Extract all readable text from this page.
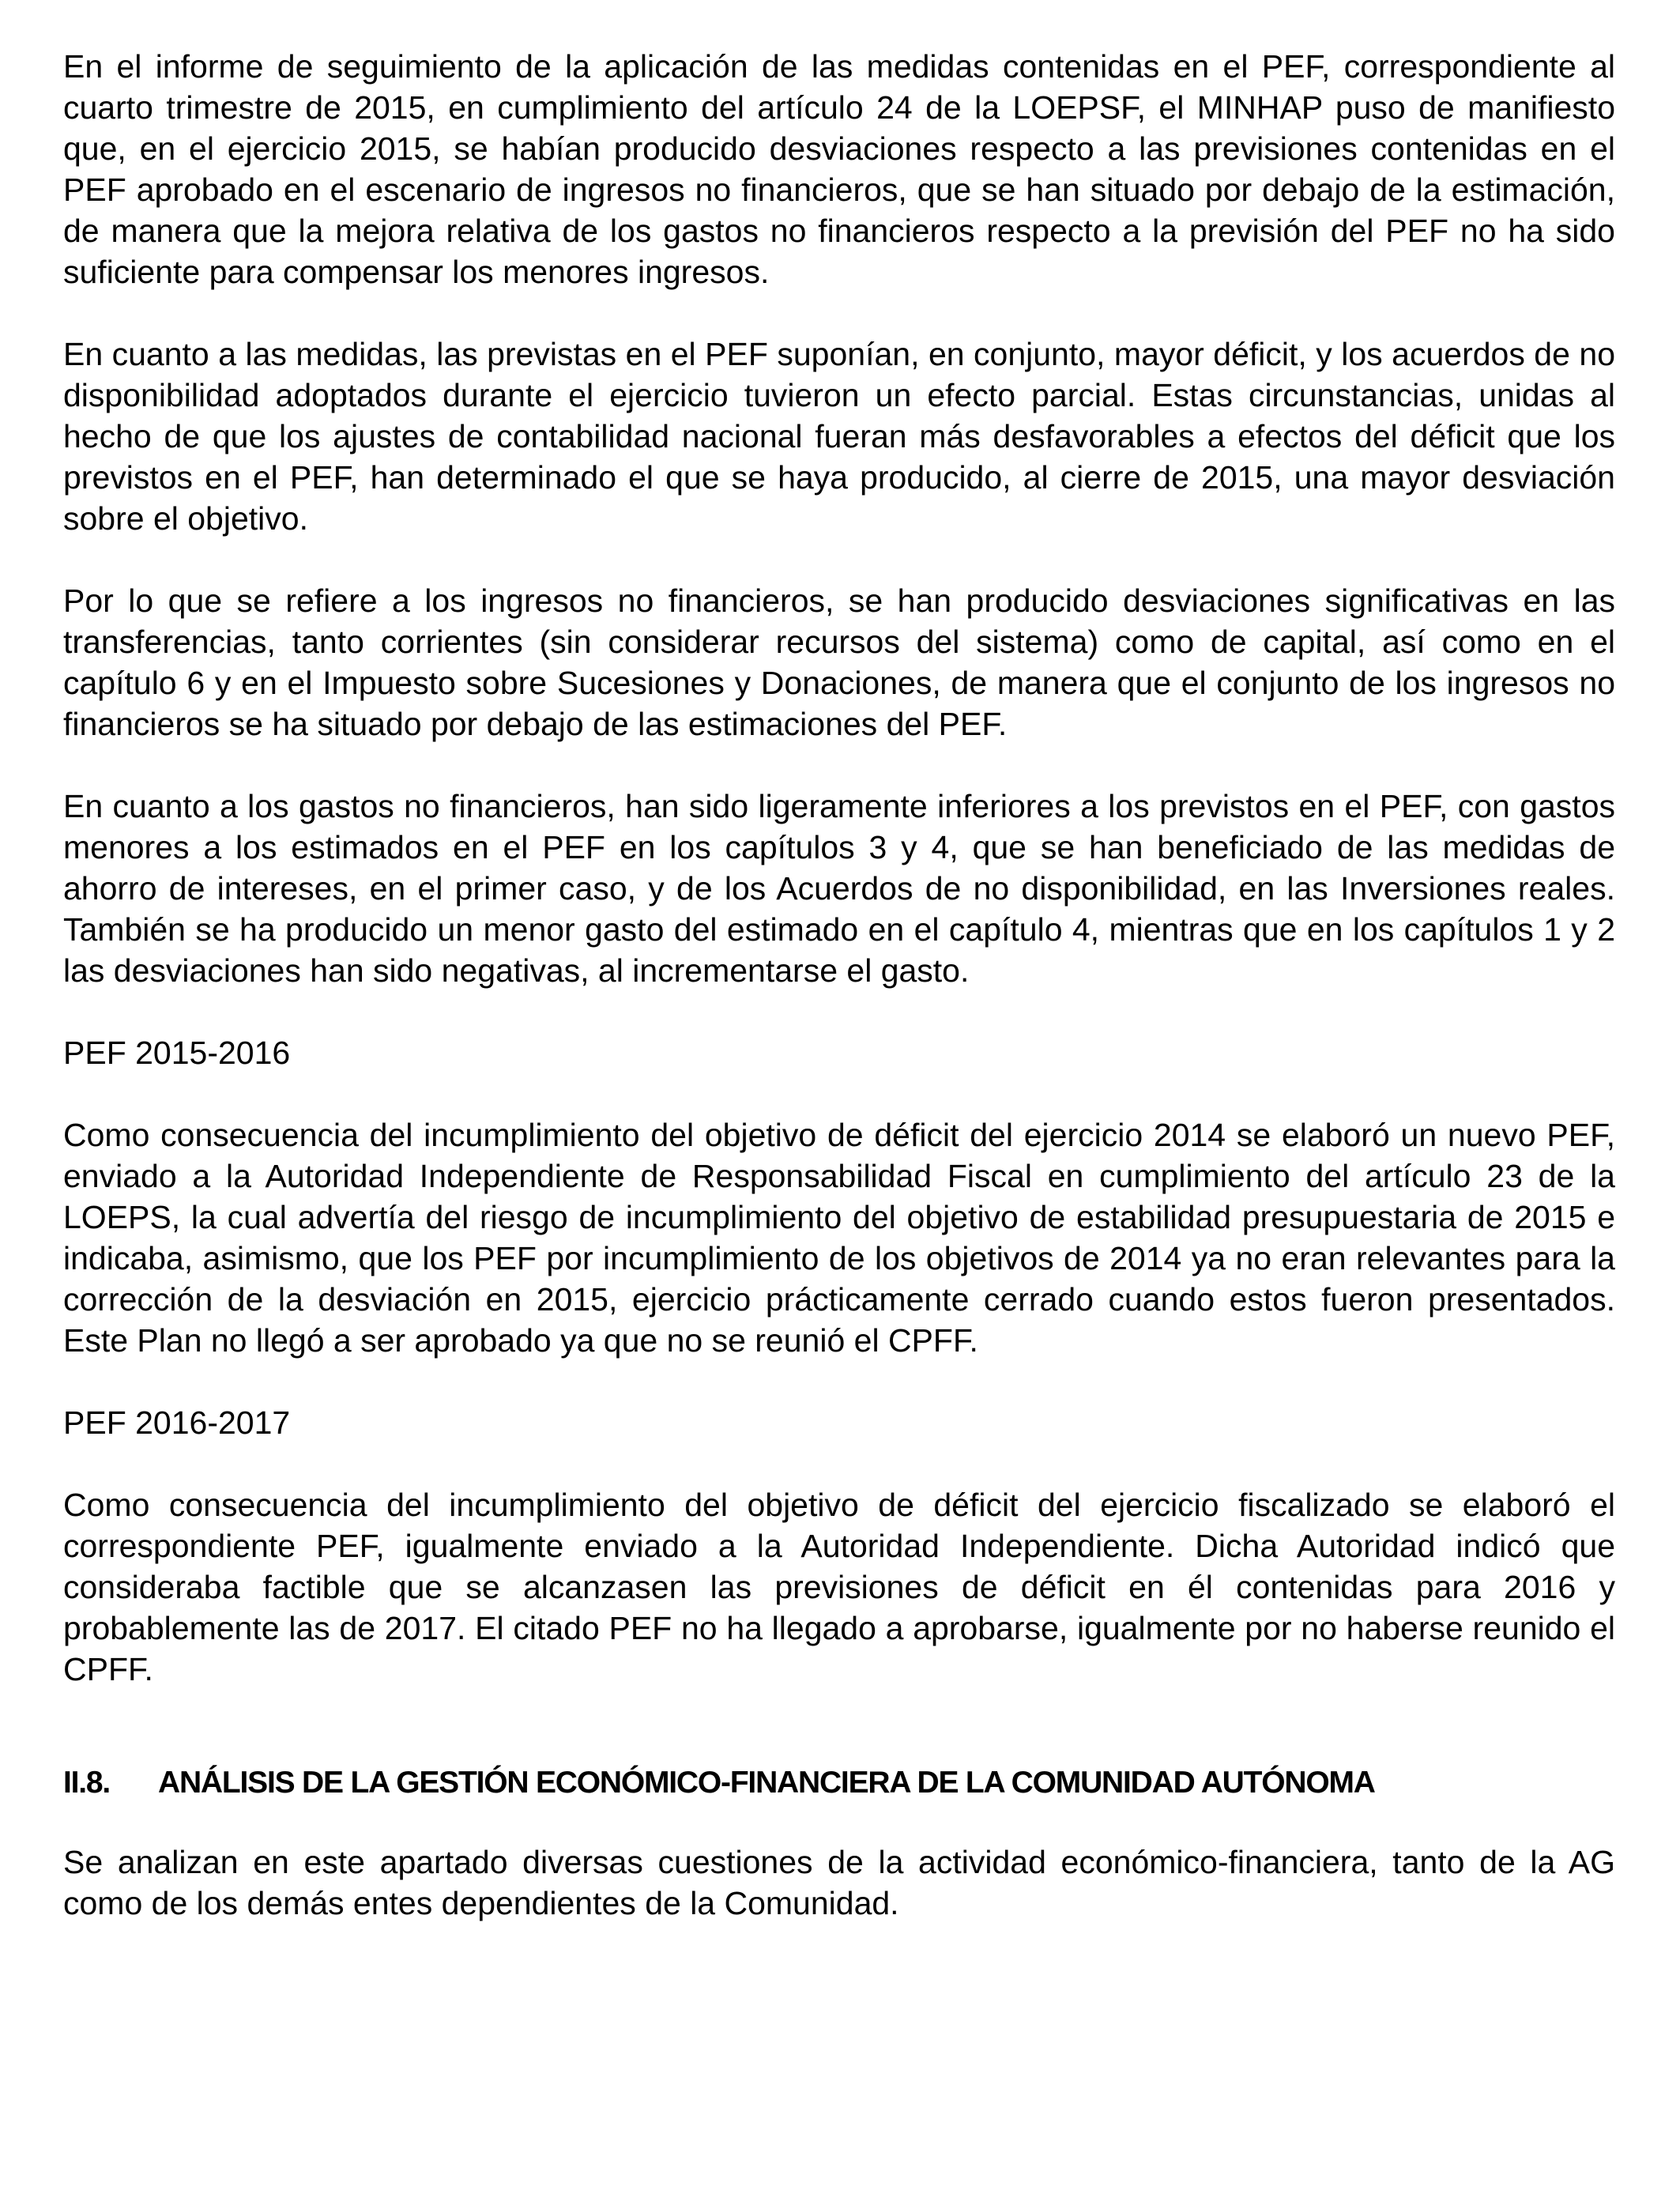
En el informe de seguimiento de la aplicación de las medidas contenidas en el PEF, correspondiente al cuarto trimestre de 2015, en cumplimiento del artículo 24 de la LOEPSF, el MINHAP puso de manifiesto que, en el ejercicio 2015, se habían producido desviaciones respecto a las previsiones contenidas en el PEF aprobado en el escenario de ingresos no financieros, que se han situado por debajo de la estimación, de manera que la mejora relativa de los gastos no financieros respecto a la previsión del PEF no ha sido suficiente para compensar los menores ingresos.

En cuanto a las medidas, las previstas en el PEF suponían, en conjunto, mayor déficit, y los acuerdos de no disponibilidad adoptados durante el ejercicio tuvieron un efecto parcial. Estas circunstancias, unidas al hecho de que los ajustes de contabilidad nacional fueran más desfavorables a efectos del déficit que los previstos en el PEF, han determinado el que se haya producido, al cierre de 2015, una mayor desviación sobre el objetivo.

Por lo que se refiere a los ingresos no financieros, se han producido desviaciones significativas en las transferencias, tanto corrientes (sin considerar recursos del sistema) como de capital, así como en el capítulo 6 y en el Impuesto sobre Sucesiones y Donaciones, de manera que el conjunto de los ingresos no financieros se ha situado por debajo de las estimaciones del PEF.

En cuanto a los gastos no financieros, han sido ligeramente inferiores a los previstos en el PEF, con gastos menores a los estimados en el PEF en los capítulos 3 y 4, que se han beneficiado de las medidas de ahorro de intereses, en el primer caso, y de los Acuerdos de no disponibilidad, en las Inversiones reales. También se ha producido un menor gasto del estimado en el capítulo 4, mientras que en los capítulos 1 y 2 las desviaciones han sido negativas, al incrementarse el gasto.

PEF 2015-2016

Como consecuencia del incumplimiento del objetivo de déficit del ejercicio 2014 se elaboró un nuevo PEF, enviado a la Autoridad Independiente de Responsabilidad Fiscal en cumplimiento del artículo 23 de la LOEPS, la cual advertía del riesgo de incumplimiento del objetivo de estabilidad presupuestaria de 2015 e indicaba, asimismo, que los PEF por incumplimiento de los objetivos de 2014 ya no eran relevantes para la corrección de la desviación en 2015, ejercicio prácticamente cerrado cuando estos fueron presentados. Este Plan no llegó a ser aprobado ya que no se reunió el CPFF.

PEF 2016-2017

Como consecuencia del incumplimiento del objetivo de déficit del ejercicio fiscalizado se elaboró el correspondiente PEF, igualmente enviado a la Autoridad Independiente. Dicha Autoridad indicó que consideraba factible que se alcanzasen las previsiones de déficit en él contenidas para 2016 y probablemente las de 2017. El citado PEF no ha llegado a aprobarse, igualmente por no haberse reunido el CPFF.

II.8. ANÁLISIS DE LA GESTIÓN ECONÓMICO-FINANCIERA DE LA COMUNIDAD AUTÓNOMA

Se analizan en este apartado diversas cuestiones de la actividad económico-financiera, tanto de la AG como de los demás entes dependientes de la Comunidad.
